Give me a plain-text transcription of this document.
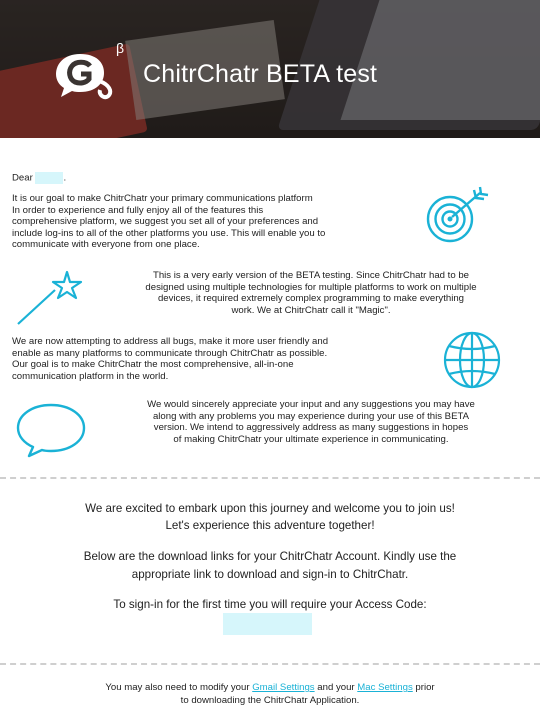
β
ChitrChatr BETA test

Dear	.

It is our goal to make ChitrChatr your primary communications platform
In order to experience and fully enjoy all of the features this
comprehensive platform, we suggest you set all of your preferences and
include log-ins to all of the other platforms you use. This will enable you to
communicate with everyone from one place.
This is a very early version of the BETA testing. Since ChitrChatr had to be
designed using multiple technologies for multiple platforms to work on multiple
devices, it required extremely complex programming to make everything
work. We at ChitrChatr call it "Magic".
We are now attempting to address all bugs, make it more user friendly and
enable as many platforms to communicate through ChitrChatr as possible.
Our goal is to make ChitrChatr the most comprehensive, all-in-one
communication platform in the world.
We would sincerely appreciate your input and any suggestions you may have
along with any problems you may experience during your use of this BETA
version. We intend to aggressively address as many suggestions in hopes
of making ChitrChatr your ultimate experience in communicating.

We are excited to embark upon this journey and welcome you to join us!

Let's experience this adventure together!

Below are the download links for your ChitrChatr Account. Kindly use the

appropriate link to download and sign-in to ChitrChatr.

To sign-in for the first time you will require your Access Code:

You may also need to modify your Gmail Settings and your Mac Settings prior

to downloading the ChitrChatr Application.
